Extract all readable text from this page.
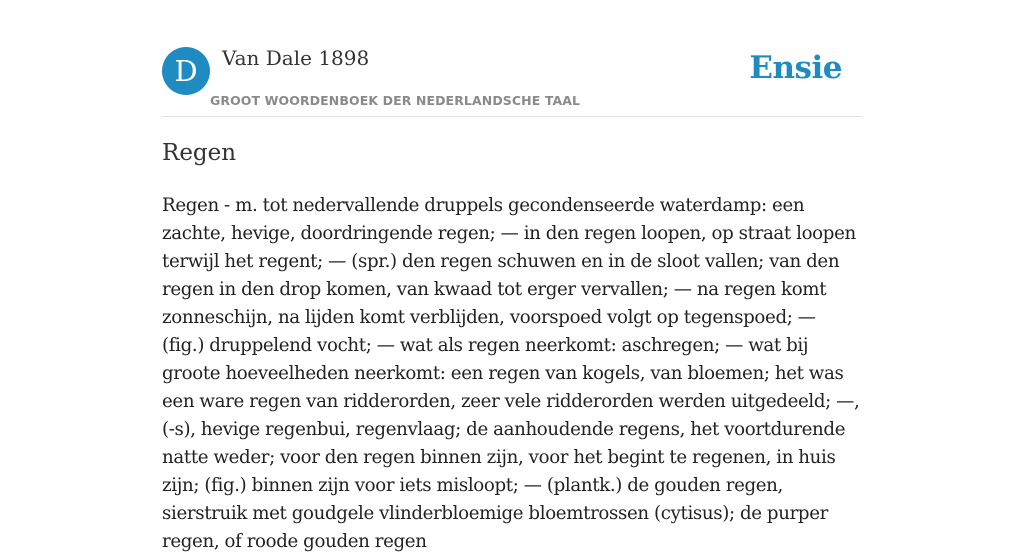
D	Van Dale 1898
GROOT WOORDENBOEK DER NEDERLANDSCHE TAAL
Ensie
Regen

Regen - m. tot nedervallende druppels gecondenseerde waterdamp: een zachte, hevige, doordringende regen; — in den regen loopen, op straat loopen terwijl het regent; — (spr.) den regen schuwen en in de sloot vallen; van den regen in den drop komen, van kwaad tot erger vervallen; — na regen komt zonneschijn, na lijden komt verblijden, voorspoed volgt op tegenspoed; — (fig.) druppelend vocht; — wat als regen neerkomt: aschregen; — wat bij groote hoeveelheden neerkomt: een regen van kogels, van bloemen; het was een ware regen van ridderorden, zeer vele ridderorden werden uitgedeeld; —, (-s), hevige regenbui, regenvlaag; de aanhoudende regens, het voortdurende natte weder; voor den regen binnen zijn, voor het begint te regenen, in huis zijn; (fig.) binnen zijn voor iets misloopt; — (plantk.) de gouden regen, sierstruik met goudgele vlinderbloemige bloemtrossen (cytisus); de purper regen, of roode gouden regen
